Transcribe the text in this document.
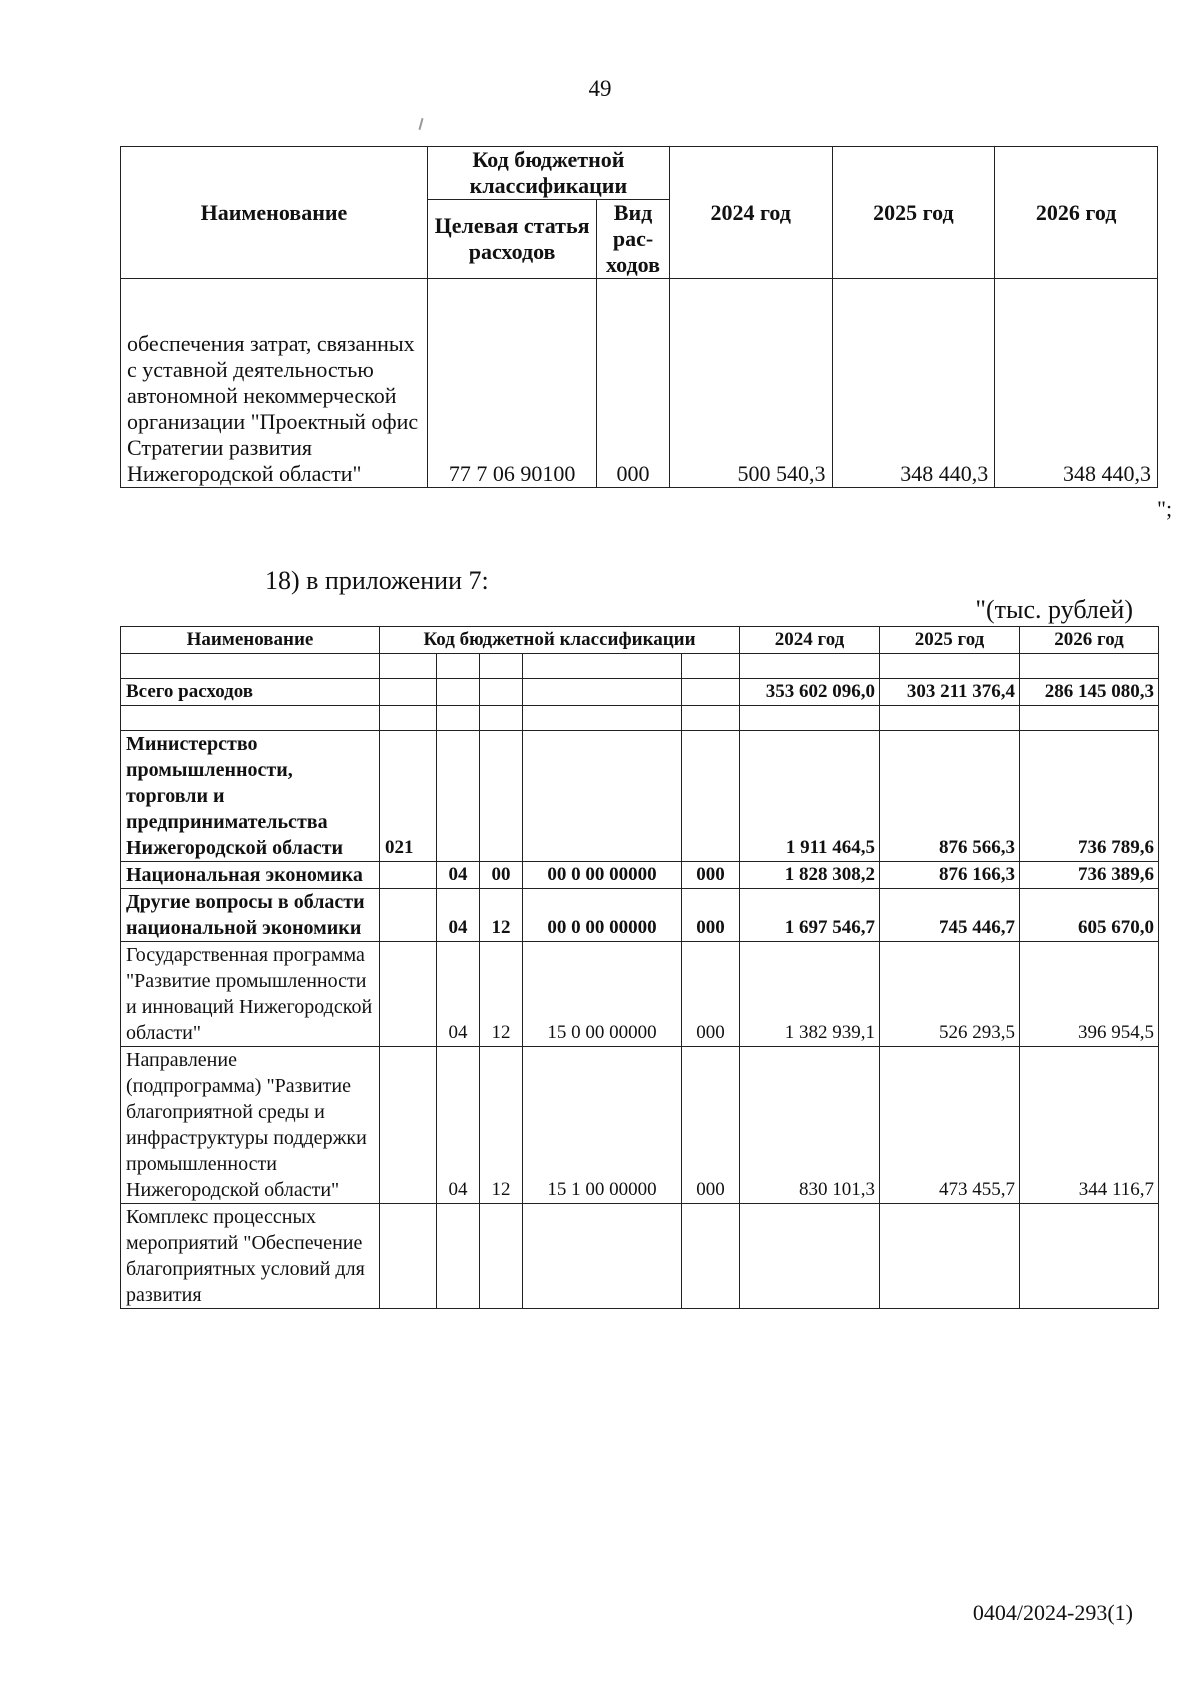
49
Наименование	Код бюджетной классификации		2024 год	2025 год	2026 год
	Целевая статья расходов	Вид рас-ходов			
обеспечения затрат, связанных с уставной деятельностью автономной некоммерческой организации "Проектный офис Стратегии развития Нижегородской области"	77 7 06 90100	000	500 540,3	348 440,3	348 440,3
";
18) в приложении 7:
"(тыс. рублей)
Наименование	Код бюджетной классификации					2024 год	2025 год	2026 год

Всего расходов						353 602 096,0	303 211 376,4	286 145 080,3

Министерство промышленности, торговли и предпринимательства Нижегородской области	021					1 911 464,5	876 566,3	736 789,6
Национальная экономика		04	00	00 0 00 00000	000	1 828 308,2	876 166,3	736 389,6
Другие вопросы в области национальной экономики		04	12	00 0 00 00000	000	1 697 546,7	745 446,7	605 670,0
Государственная программа "Развитие промышленности и инноваций Нижегородской области"		04	12	15 0 00 00000	000	1 382 939,1	526 293,5	396 954,5
Направление (подпрограмма) "Развитие благоприятной среды и инфраструктуры поддержки промышленности Нижегородской области"		04	12	15 1 00 00000	000	830 101,3	473 455,7	344 116,7
Комплекс процессных мероприятий "Обеспечение благоприятных условий для развития								
0404/2024-293(1)
